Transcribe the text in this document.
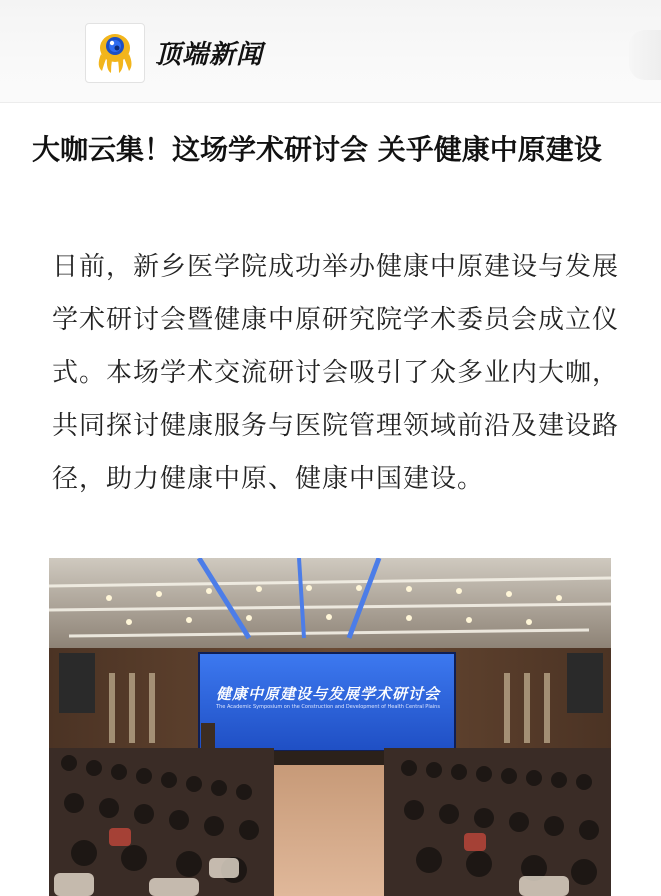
顶端新闻
大咖云集！这场学术研讨会 关乎健康中原建设
日前，新乡医学院成功举办健康中原建设与发展学术研讨会暨健康中原研究院学术委员会成立仪式。本场学术交流研讨会吸引了众多业内大咖，共同探讨健康服务与医院管理领域前沿及建设路径，助力健康中原、健康中国建设。
健康中原建设与发展学术研讨会
The Academic Symposium on the Construction and Development of Health Central Plains
